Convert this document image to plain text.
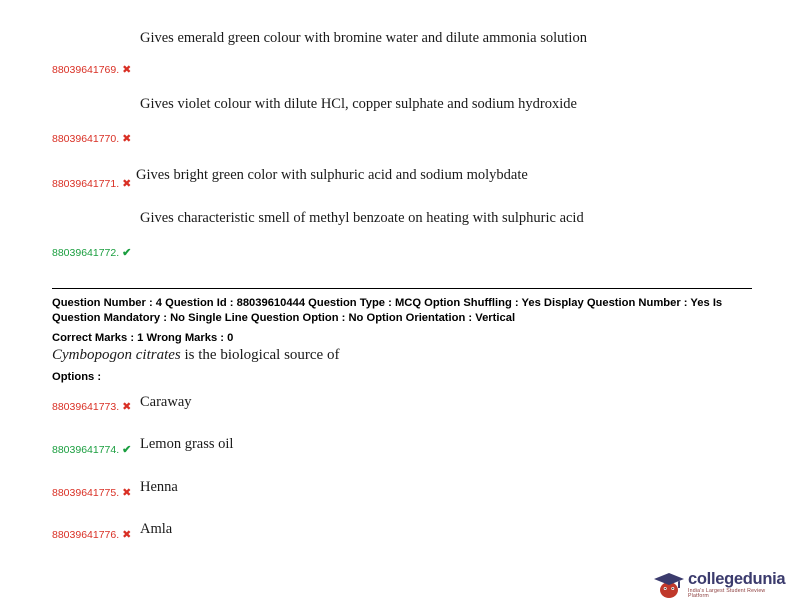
88039641769. ✖
Gives emerald green colour with bromine water and dilute ammonia solution
88039641770. ✖
Gives violet colour with dilute HCl, copper sulphate and sodium hydroxide
88039641771. ✖
Gives bright green color with sulphuric acid and sodium molybdate
88039641772. ✔
Gives characteristic smell of methyl benzoate on heating with sulphuric acid
Question Number : 4 Question Id : 88039610444 Question Type : MCQ Option Shuffling : Yes Display Question Number : Yes Is Question Mandatory : No Single Line Question Option : No Option Orientation : Vertical
Correct Marks : 1 Wrong Marks : 0
Cymbopogon citrates is the biological source of
Options :
88039641773. ✖ Caraway
88039641774. ✔ Lemon grass oil
88039641775. ✖ Henna
88039641776. ✖ Amla
collegedunia
India's Largest Student Review Platform
